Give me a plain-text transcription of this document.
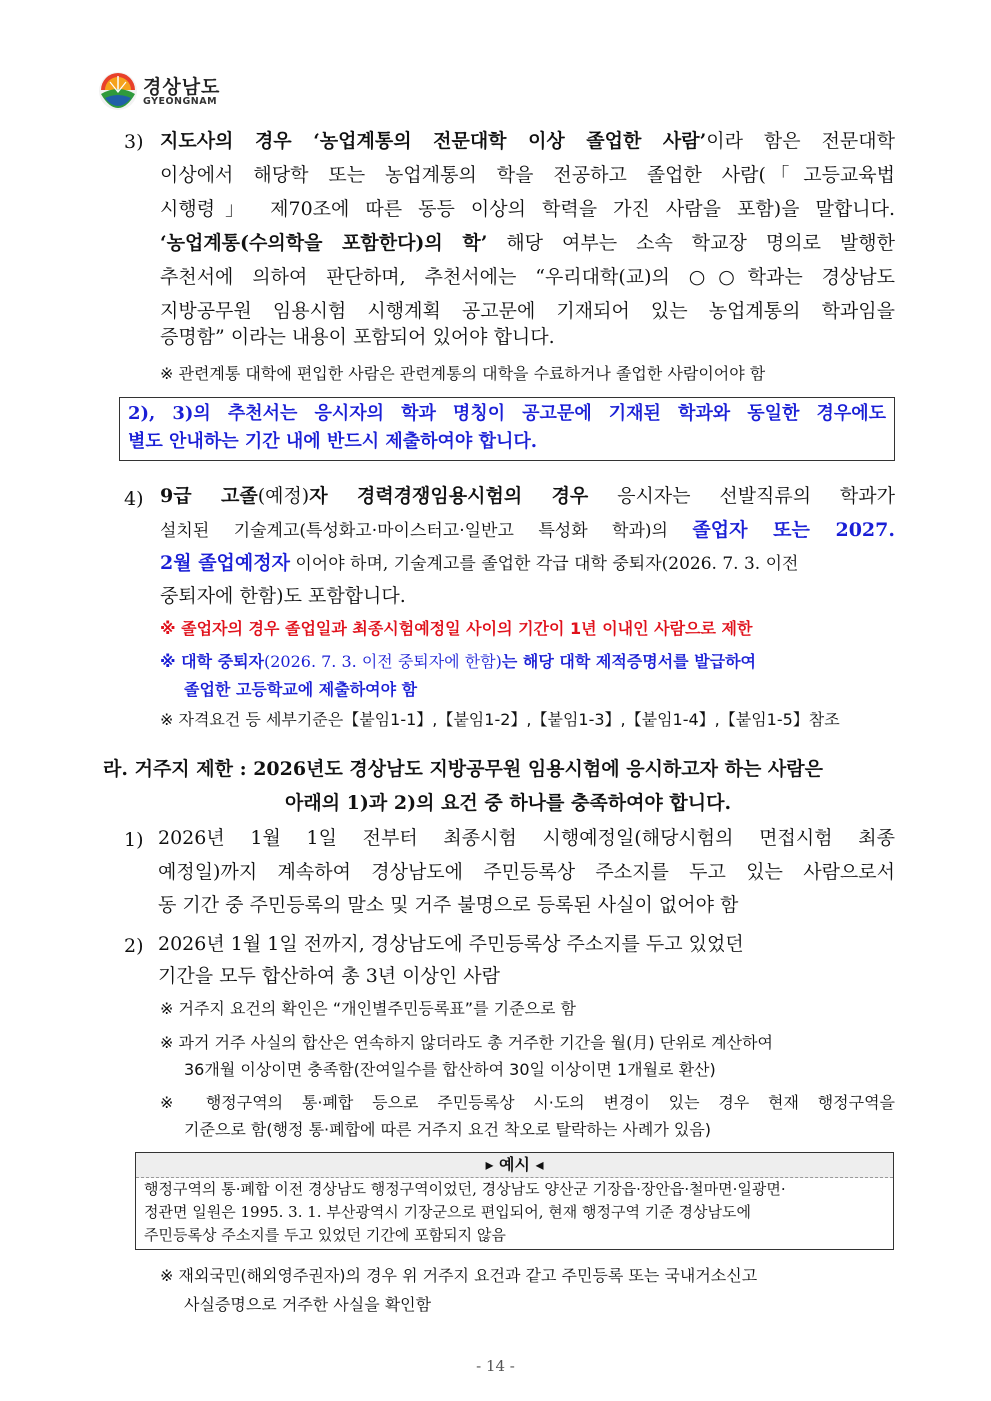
경상남도
GYEONGNAM
3) 지도사의 경우 ‘농업계통의 전문대학 이상 졸업한 사람’이라 함은 전문대학
이상에서 해당학 또는 농업계통의 학을 전공하고 졸업한 사람(「고등교육법
시행령」 제70조에 따른 동등 이상의 학력을 가진 사람을 포함)을 말합니다.
‘농업계통(수의학을 포함한다)의 학’ 해당 여부는 소속 학교장 명의로 발행한
추천서에 의하여 판단하며, 추천서에는 “우리대학(교)의 ○○학과는 경상남도
지방공무원 임용시험 시행계획 공고문에 기재되어 있는 농업계통의 학과임을
증명함” 이라는 내용이 포함되어 있어야 합니다.
※ 관련계통 대학에 편입한 사람은 관련계통의 대학을 수료하거나 졸업한 사람이어야 함
2), 3)의 추천서는 응시자의 학과 명칭이 공고문에 기재된 학과와 동일한 경우에도
별도 안내하는 기간 내에 반드시 제출하여야 합니다.
4) 9급 고졸(예정)자 경력경쟁임용시험의 경우 응시자는 선발직류의 학과가
설치된 기술계고(특성화고·마이스터고·일반고 특성화 학과)의 졸업자 또는 2027.
2월 졸업예정자 이어야 하며, 기술계고를 졸업한 각급 대학 중퇴자(2026. 7. 3. 이전
중퇴자에 한함)도 포함합니다.
※ 졸업자의 경우 졸업일과 최종시험예정일 사이의 기간이 1년 이내인 사람으로 제한
※ 대학 중퇴자(2026. 7. 3. 이전 중퇴자에 한함)는 해당 대학 제적증명서를 발급하여
졸업한 고등학교에 제출하여야 함
※ 자격요건 등 세부기준은【붙임1-1】,【붙임1-2】,【붙임1-3】,【붙임1-4】,【붙임1-5】참조
라. 거주지 제한 : 2026년도 경상남도 지방공무원 임용시험에 응시하고자 하는 사람은
아래의 1)과 2)의 요건 중 하나를 충족하여야 합니다.
1) 2026년 1월 1일 전부터 최종시험 시행예정일(해당시험의 면접시험 최종
예정일)까지 계속하여 경상남도에 주민등록상 주소지를 두고 있는 사람으로서
동 기간 중 주민등록의 말소 및 거주 불명으로 등록된 사실이 없어야 함
2) 2026년 1월 1일 전까지, 경상남도에 주민등록상 주소지를 두고 있었던
기간을 모두 합산하여 총 3년 이상인 사람
※ 거주지 요건의 확인은 “개인별주민등록표”를 기준으로 함
※ 과거 거주 사실의 합산은 연속하지 않더라도 총 거주한 기간을 월(月) 단위로 계산하여
36개월 이상이면 충족함(잔여일수를 합산하여 30일 이상이면 1개월로 환산)
※ 행정구역의 통·폐합 등으로 주민등록상 시·도의 변경이 있는 경우 현재 행정구역을
기준으로 함(행정 통·폐합에 따른 거주지 요건 착오로 탈락하는 사례가 있음)
▸ 예시 ◂
행정구역의 통·폐합 이전 경상남도 행정구역이었던, 경상남도 양산군 기장읍·장안읍·철마면·일광면·
정관면 일원은 1995. 3. 1. 부산광역시 기장군으로 편입되어, 현재 행정구역 기준 경상남도에
주민등록상 주소지를 두고 있었던 기간에 포함되지 않음
※ 재외국민(해외영주권자)의 경우 위 거주지 요건과 같고 주민등록 또는 국내거소신고
사실증명으로 거주한 사실을 확인함
- 14 -
